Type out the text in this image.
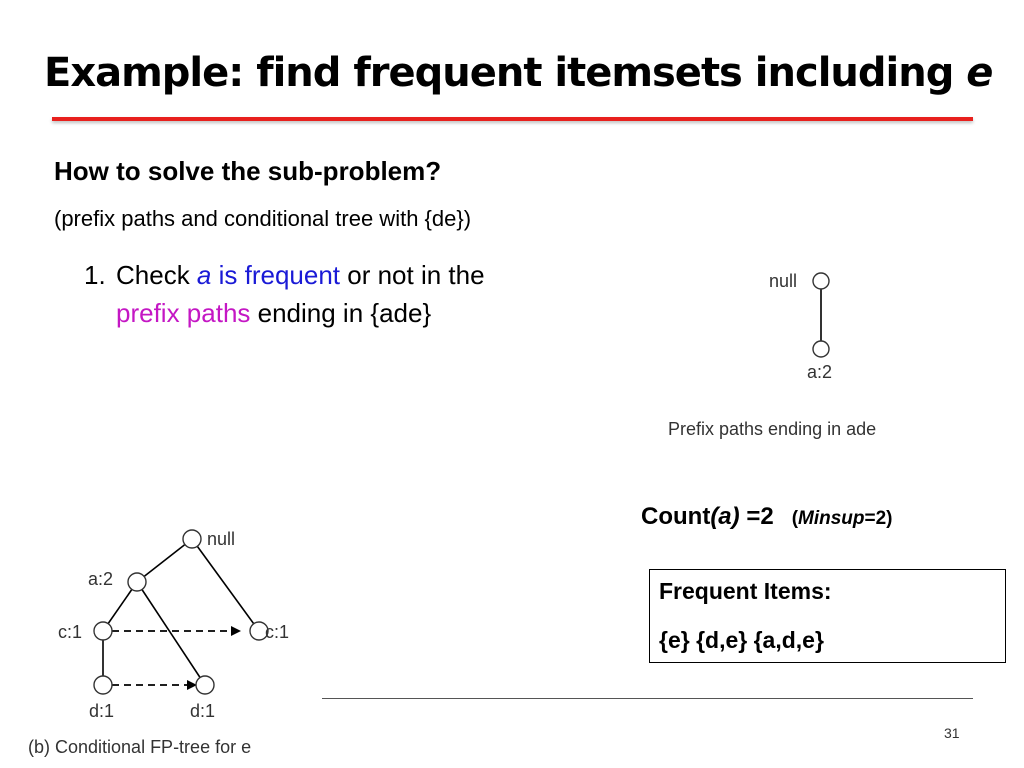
Example: find frequent itemsets including e
How to solve the sub-problem?
(prefix paths and conditional tree with {de})
1. Check a is frequent or not in the
prefix paths ending in {ade}
null
a:2
Prefix paths ending in ade
Count(a) =2 (Minsup=2)
Frequent Items:
{e} {d,e} {a,d,e}
null
a:2
c:1	c:1
d:1	d:1
(b) Conditional FP-tree for e
31
